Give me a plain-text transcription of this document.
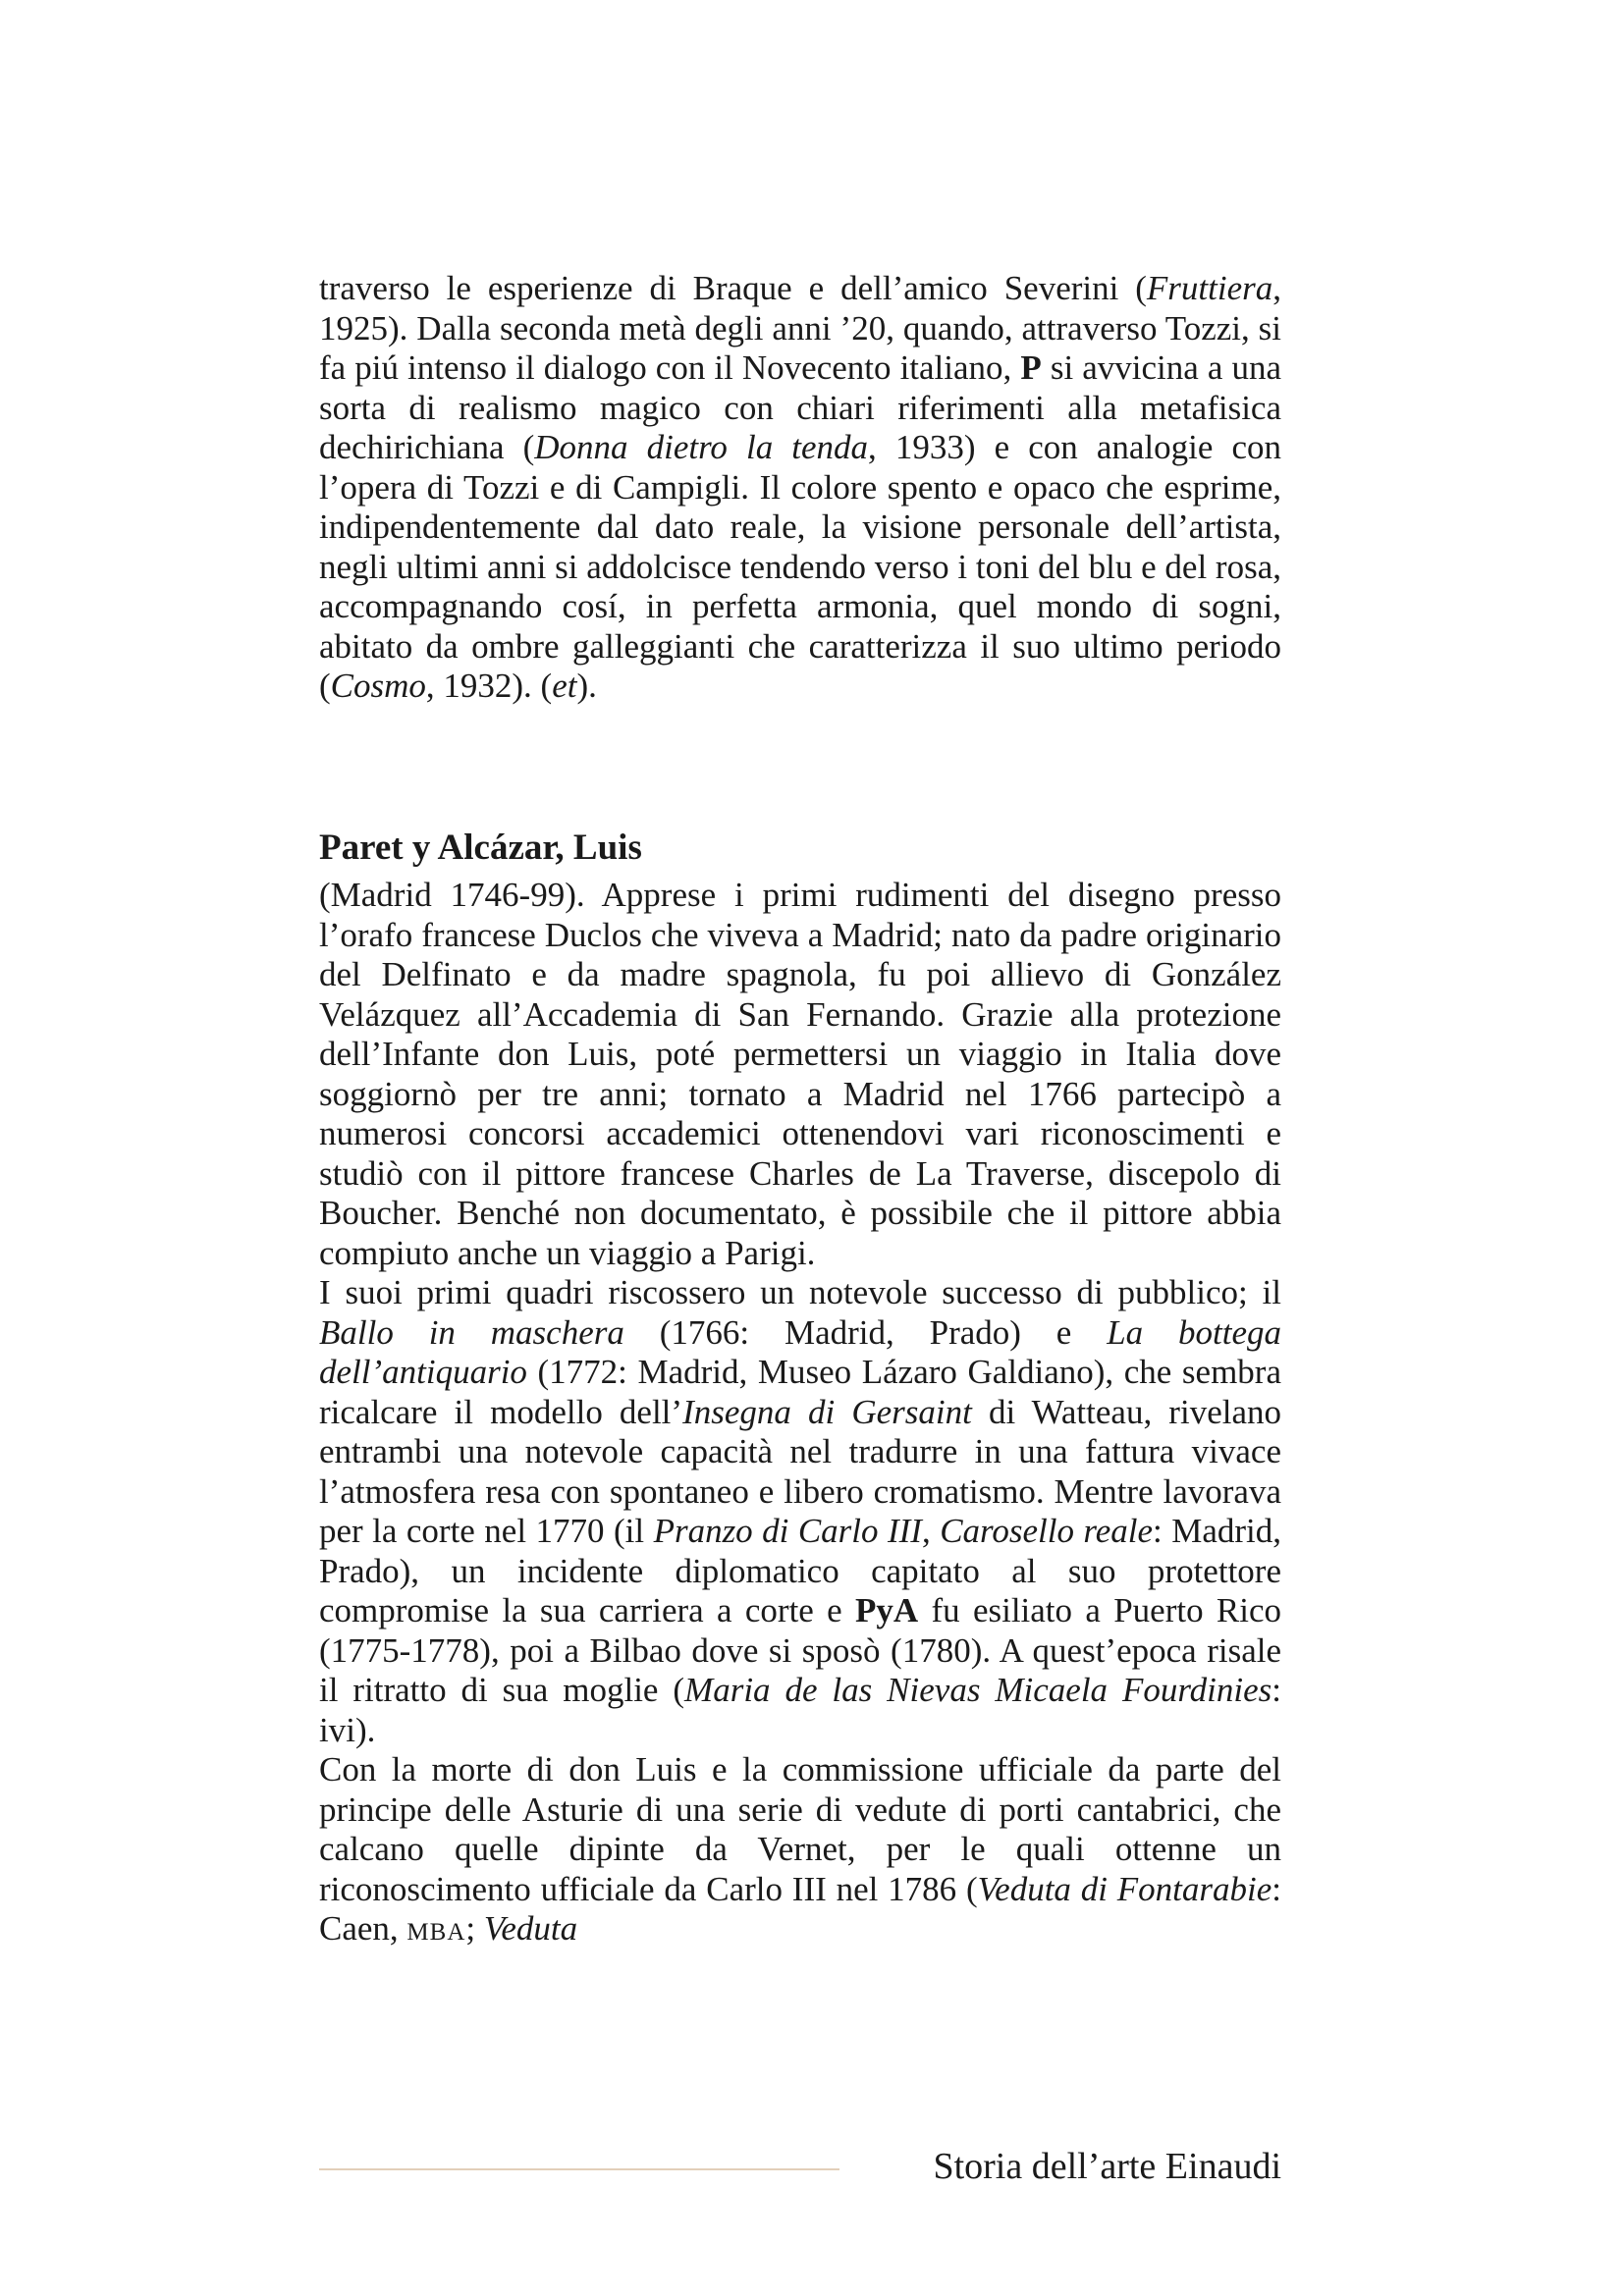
traverso le esperienze di Braque e dell’amico Severini (Fruttiera, 1925). Dalla seconda metà degli anni ’20, quando, attraverso Tozzi, si fa piú intenso il dialogo con il Novecento italiano, P si avvicina a una sorta di realismo magico con chiari riferimenti alla metafisica dechirichiana (Donna dietro la tenda, 1933) e con analogie con l’opera di Tozzi e di Campigli. Il colore spento e opaco che esprime, indipendentemente dal dato reale, la visione personale dell’artista, negli ultimi anni si addolcisce tendendo verso i toni del blu e del rosa, accompagnando cosí, in perfetta armonia, quel mondo di sogni, abitato da ombre galleggianti che caratterizza il suo ultimo periodo (Cosmo, 1932). (et).

Paret y Alcázar, Luis

(Madrid 1746-99). Apprese i primi rudimenti del disegno presso l’orafo francese Duclos che viveva a Madrid; nato da padre originario del Delfinato e da madre spagnola, fu poi allievo di González Velázquez all’Accademia di San Fernando. Grazie alla protezione dell’Infante don Luis, poté permettersi un viaggio in Italia dove soggiornò per tre anni; tornato a Madrid nel 1766 partecipò a numerosi concorsi accademici ottenendovi vari riconoscimenti e studiò con il pittore francese Charles de La Traverse, discepolo di Boucher. Benché non documentato, è possibile che il pittore abbia compiuto anche un viaggio a Parigi.

I suoi primi quadri riscossero un notevole successo di pubblico; il Ballo in maschera (1766: Madrid, Prado) e La bottega dell’antiquario (1772: Madrid, Museo Lázaro Galdiano), che sembra ricalcare il modello dell’Insegna di Gersaint di Watteau, rivelano entrambi una notevole capacità nel tradurre in una fattura vivace l’atmosfera resa con spontaneo e libero cromatismo. Mentre lavorava per la corte nel 1770 (il Pranzo di Carlo III, Carosello reale: Madrid, Prado), un incidente diplomatico capitato al suo protettore compromise la sua carriera a corte e PyA fu esiliato a Puerto Rico (1775-1778), poi a Bilbao dove si sposò (1780). A quest’epoca risale il ritratto di sua moglie (Maria de las Nievas Micaela Fourdinies: ivi).

Con la morte di don Luis e la commissione ufficiale da parte del principe delle Asturie di una serie di vedute di porti cantabrici, che calcano quelle dipinte da Vernet, per le quali ottenne un riconoscimento ufficiale da Carlo III nel 1786 (Veduta di Fontarabie: Caen, mba; Veduta

Storia dell’arte Einaudi
